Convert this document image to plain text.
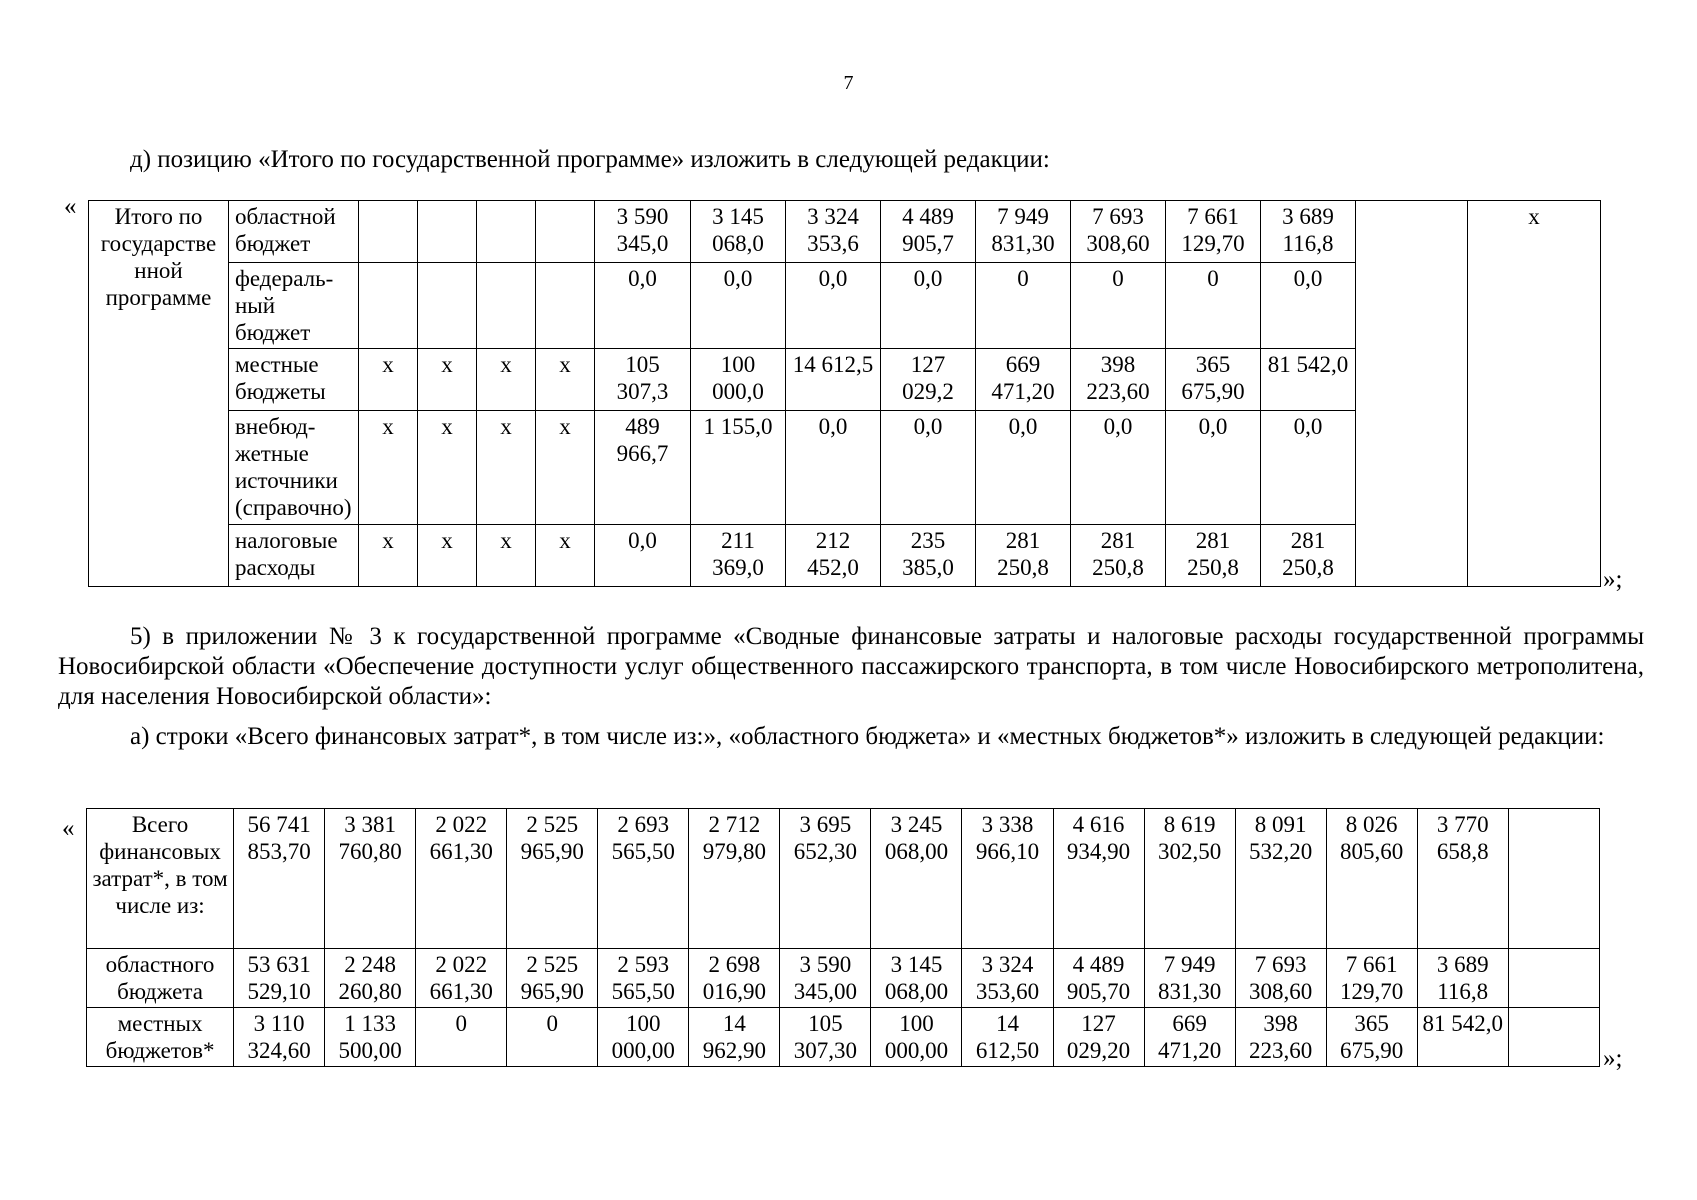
7
д) позицию «Итого по государственной программе» изложить в следующей редакции:
« Итого по государстве нной программе	областной бюджет					3 590 345,0	3 145 068,0	3 324 353,6	4 489 905,7	7 949 831,30	7 693 308,60	7 661 129,70	3 689 116,8		х
	федераль-ный бюджет					0,0	0,0	0,0	0,0	0	0	0	0,0		
	местные бюджеты	х	х	х	х	105 307,3	100 000,0	14 612,5	127 029,2	669 471,20	398 223,60	365 675,90	81 542,0		
	внебюд-жетные источники (справочно)	х	х	х	х	489 966,7	1 155,0	0,0	0,0	0,0	0,0	0,0	0,0		
	налоговые расходы	х	х	х	х	0,0	211 369,0	212 452,0	235 385,0	281 250,8	281 250,8	281 250,8	281 250,8			»;
5) в приложении № 3 к государственной программе «Сводные финансовые затраты и налоговые расходы государственной программы Новосибирской области «Обеспечение доступности услуг общественного пассажирского транспорта, в том числе Новосибирского метрополитена, для населения Новосибирской области»:
а) строки «Всего финансовых затрат*, в том числе из:», «областного бюджета» и «местных бюджетов*» изложить в следующей редакции:
« Всего финансовых затрат*, в том числе из:	56 741 853,70	3 381 760,80	2 022 661,30	2 525 965,90	2 693 565,50	2 712 979,80	3 695 652,30	3 245 068,00	3 338 966,10	4 616 934,90	8 619 302,50	8 091 532,20	8 026 805,60	3 770 658,8	
областного бюджета	53 631 529,10	2 248 260,80	2 022 661,30	2 525 965,90	2 593 565,50	2 698 016,90	3 590 345,00	3 145 068,00	3 324 353,60	4 489 905,70	7 949 831,30	7 693 308,60	7 661 129,70	3 689 116,8	
местных бюджетов*	3 110 324,60	1 133 500,00	0	0	100 000,00	14 962,90	105 307,30	100 000,00	14 612,50	127 029,20	669 471,20	398 223,60	365 675,90	81 542,0	
»;
